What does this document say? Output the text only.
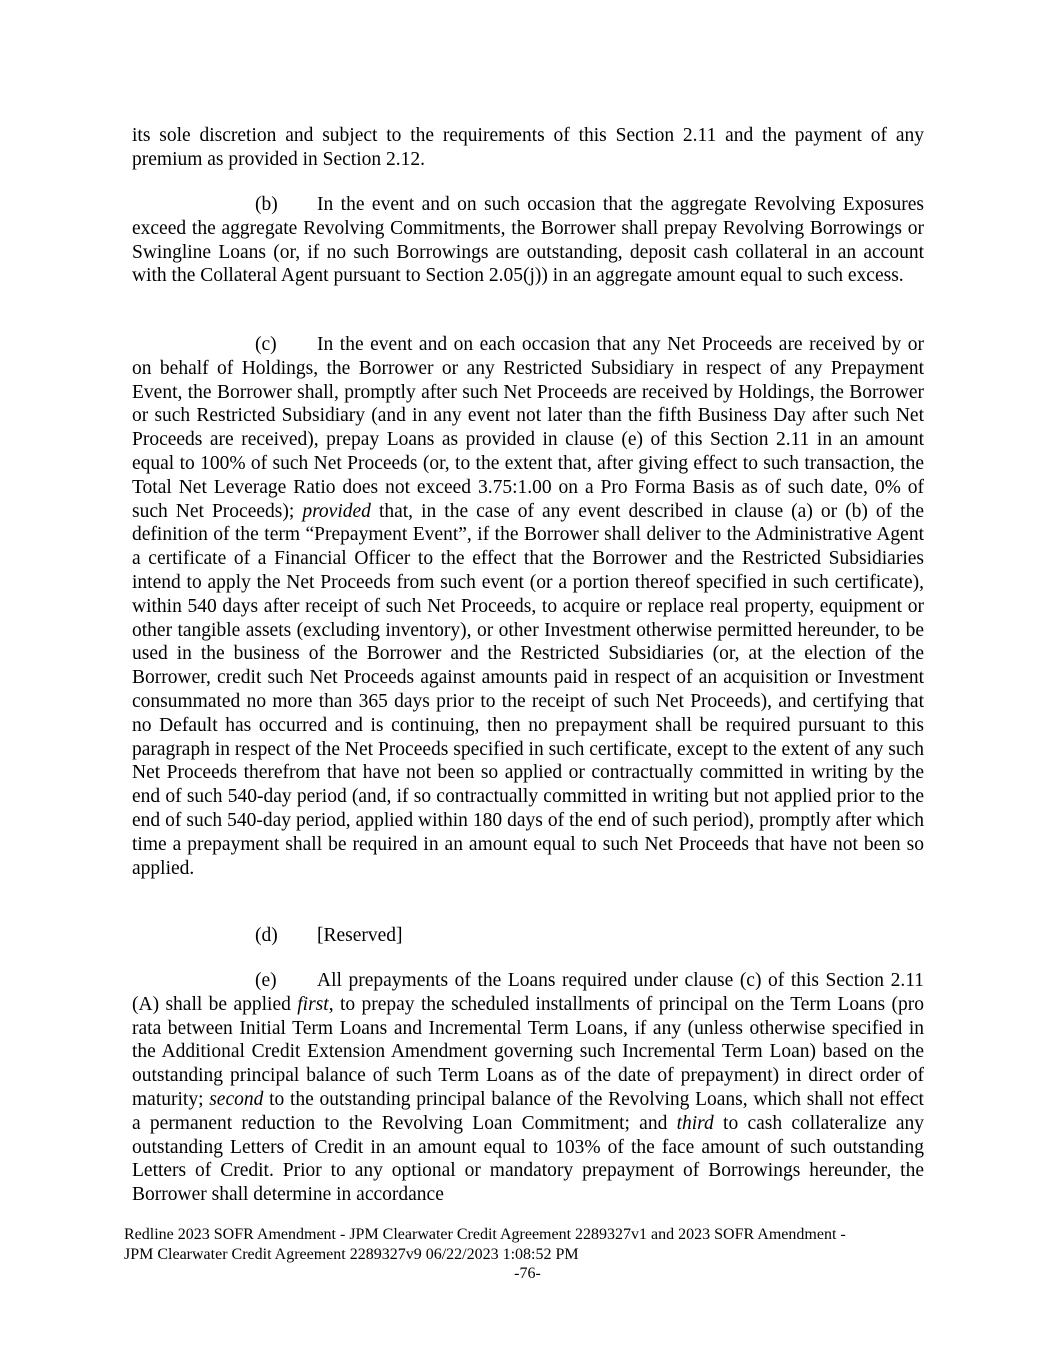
its sole discretion and subject to the requirements of this Section 2.11 and the payment of any premium as provided in Section 2.12.

(b) In the event and on such occasion that the aggregate Revolving Exposures exceed the aggregate Revolving Commitments, the Borrower shall prepay Revolving Borrowings or Swingline Loans (or, if no such Borrowings are outstanding, deposit cash collateral in an account with the Collateral Agent pursuant to Section 2.05(j)) in an aggregate amount equal to such excess.

(c) In the event and on each occasion that any Net Proceeds are received by or on behalf of Holdings, the Borrower or any Restricted Subsidiary in respect of any Prepayment Event, the Borrower shall, promptly after such Net Proceeds are received by Holdings, the Borrower or such Restricted Subsidiary (and in any event not later than the fifth Business Day after such Net Proceeds are received), prepay Loans as provided in clause (e) of this Section 2.11 in an amount equal to 100% of such Net Proceeds (or, to the extent that, after giving effect to such transaction, the Total Net Leverage Ratio does not exceed 3.75:1.00 on a Pro Forma Basis as of such date, 0% of such Net Proceeds); provided that, in the case of any event described in clause (a) or (b) of the definition of the term “Prepayment Event”, if the Borrower shall deliver to the Administrative Agent a certificate of a Financial Officer to the effect that the Borrower and the Restricted Subsidiaries intend to apply the Net Proceeds from such event (or a portion thereof specified in such certificate), within 540 days after receipt of such Net Proceeds, to acquire or replace real property, equipment or other tangible assets (excluding inventory), or other Investment otherwise permitted hereunder, to be used in the business of the Borrower and the Restricted Subsidiaries (or, at the election of the Borrower, credit such Net Proceeds against amounts paid in respect of an acquisition or Investment consummated no more than 365 days prior to the receipt of such Net Proceeds), and certifying that no Default has occurred and is continuing, then no prepayment shall be required pursuant to this paragraph in respect of the Net Proceeds specified in such certificate, except to the extent of any such Net Proceeds therefrom that have not been so applied or contractually committed in writing by the end of such 540-day period (and, if so contractually committed in writing but not applied prior to the end of such 540-day period, applied within 180 days of the end of such period), promptly after which time a prepayment shall be required in an amount equal to such Net Proceeds that have not been so applied.

(d) [Reserved]

(e) All prepayments of the Loans required under clause (c) of this Section 2.11 (A) shall be applied first, to prepay the scheduled installments of principal on the Term Loans (pro rata between Initial Term Loans and Incremental Term Loans, if any (unless otherwise specified in the Additional Credit Extension Amendment governing such Incremental Term Loan) based on the outstanding principal balance of such Term Loans as of the date of prepayment) in direct order of maturity; second to the outstanding principal balance of the Revolving Loans, which shall not effect a permanent reduction to the Revolving Loan Commitment; and third to cash collateralize any outstanding Letters of Credit in an amount equal to 103% of the face amount of such outstanding Letters of Credit. Prior to any optional or mandatory prepayment of Borrowings hereunder, the Borrower shall determine in accordance

Redline 2023 SOFR Amendment - JPM Clearwater Credit Agreement 2289327v1 and 2023 SOFR Amendment -
JPM Clearwater Credit Agreement 2289327v9 06/22/2023 1:08:52 PM
-76-
